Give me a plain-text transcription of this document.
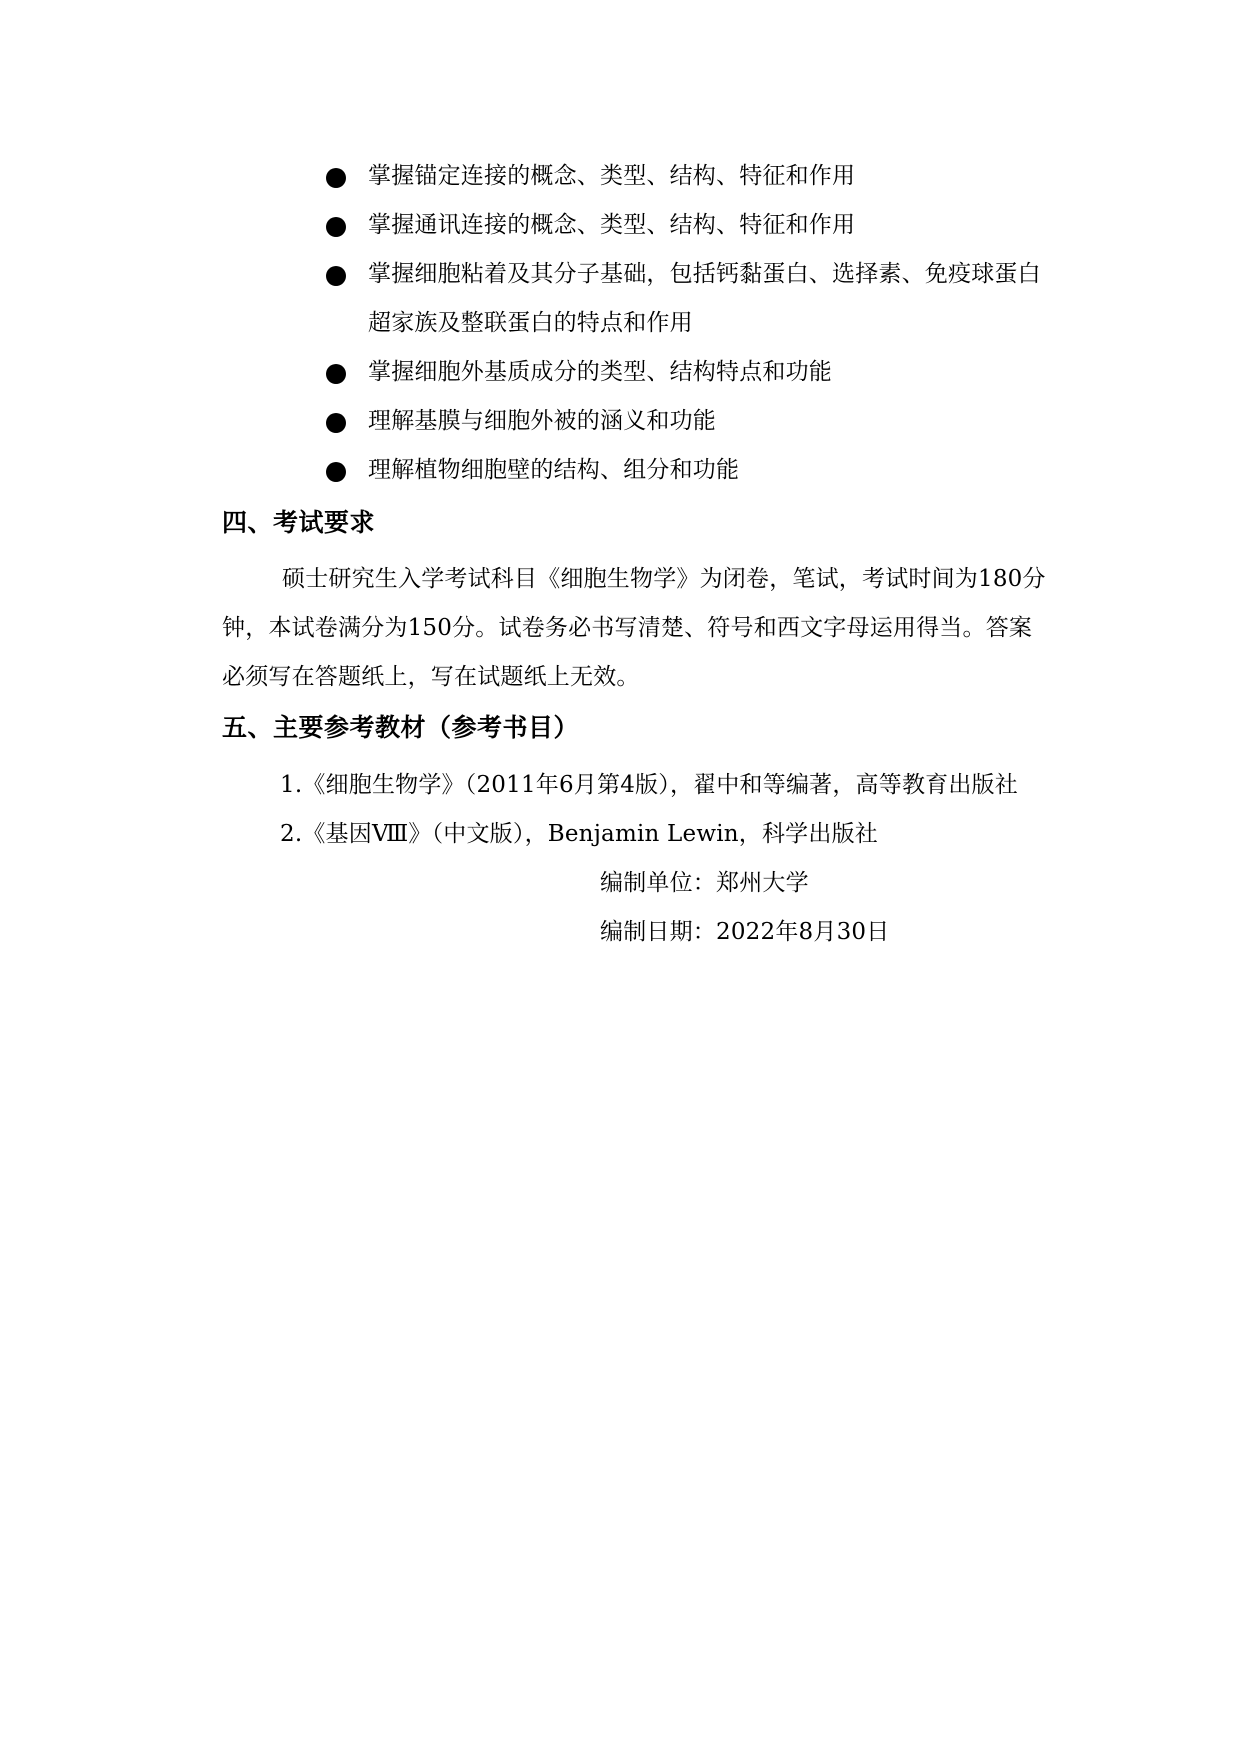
掌握锚定连接的概念、类型、结构、特征和作用
掌握通讯连接的概念、类型、结构、特征和作用
掌握细胞粘着及其分子基础，包括钙黏蛋白、选择素、免疫球蛋白
超家族及整联蛋白的特点和作用
掌握细胞外基质成分的类型、结构特点和功能
理解基膜与细胞外被的涵义和功能
理解植物细胞壁的结构、组分和功能
四、考试要求
硕士研究生入学考试科目《细胞生物学》为闭卷，笔试，考试时间为180分
钟，本试卷满分为150分。试卷务必书写清楚、符号和西文字母运用得当。答案
必须写在答题纸上，写在试题纸上无效。
五、主要参考教材（参考书目）
1.《细胞生物学》（2011年6月第4版），翟中和等编著，高等教育出版社
2.《基因Ⅷ》（中文版），Benjamin Lewin，科学出版社
编制单位：郑州大学
编制日期：2022年8月30日
